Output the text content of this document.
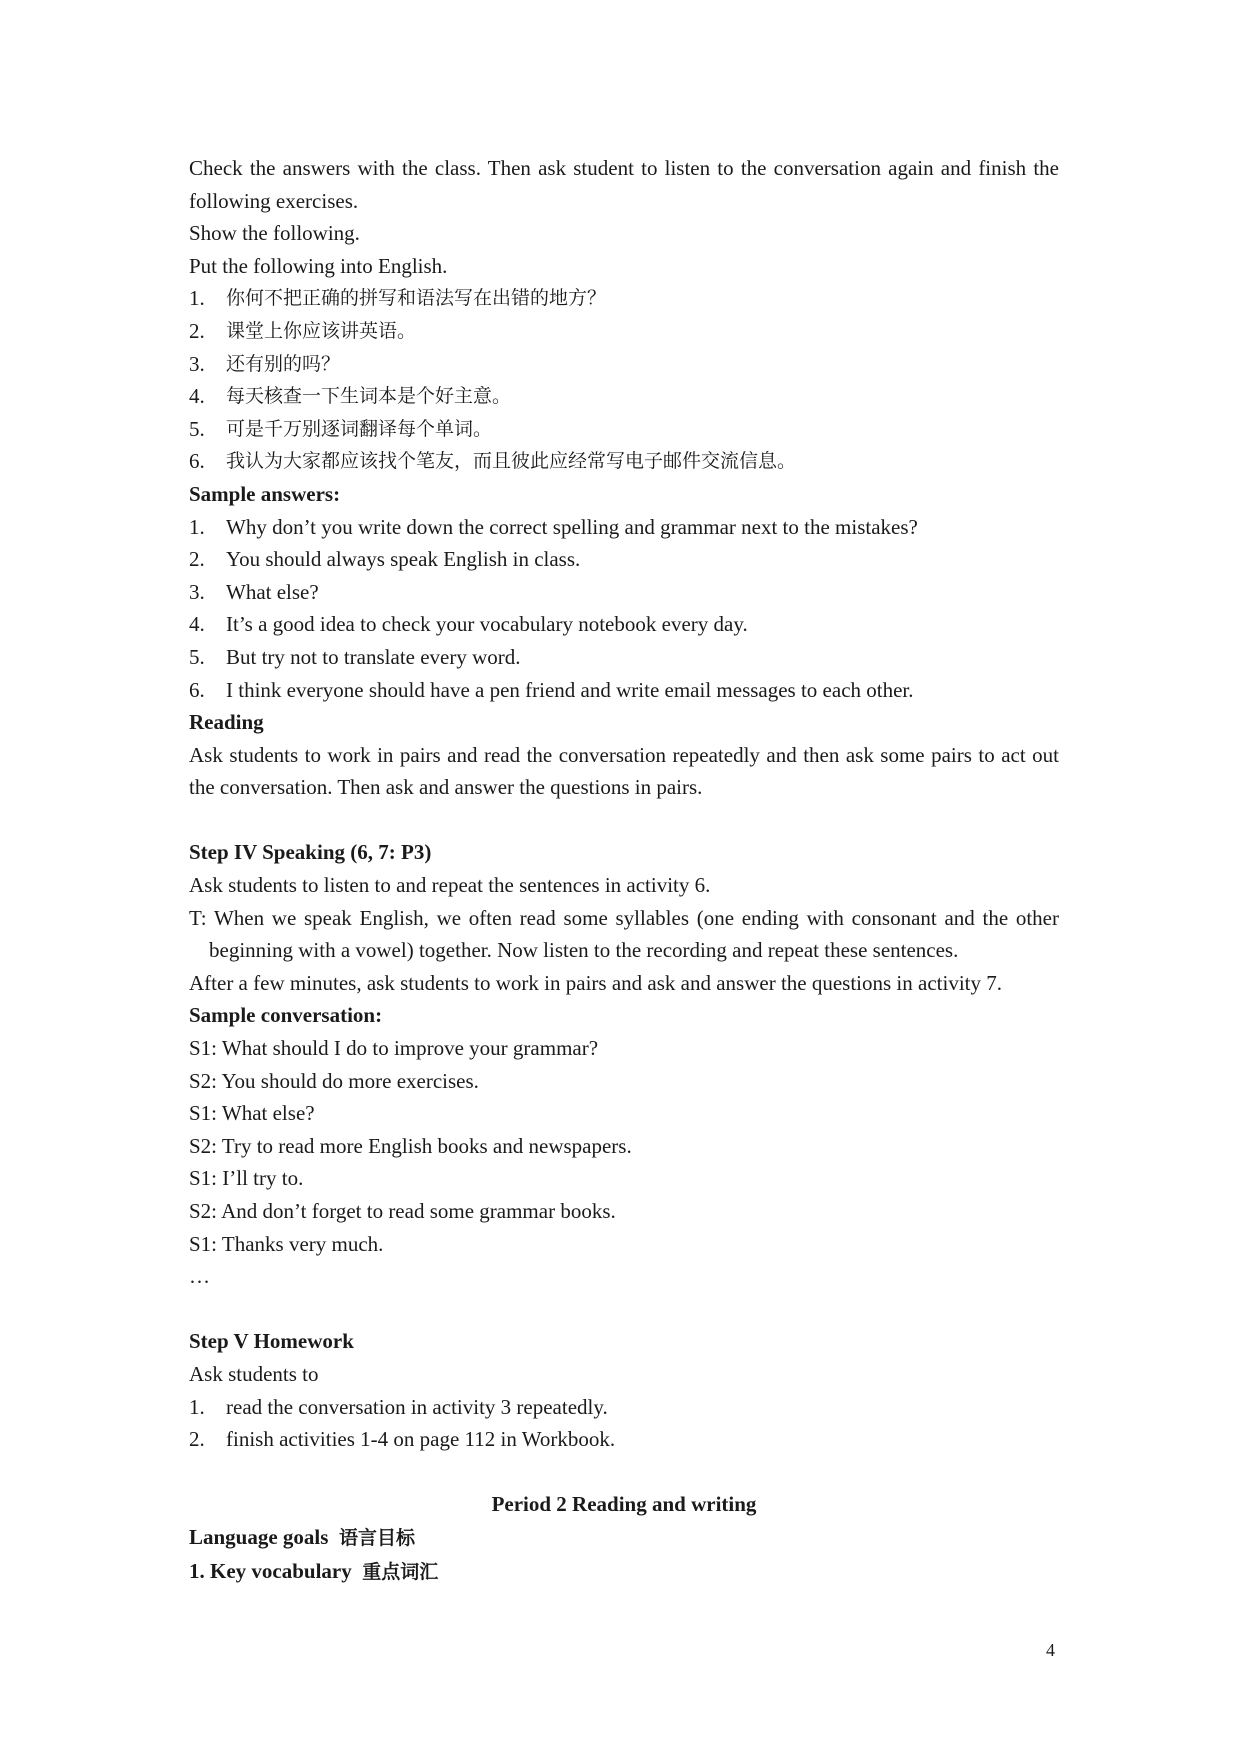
Check the answers with the class. Then ask student to listen to the conversation again and finish the following exercises.
Show the following.
Put the following into English.
1.	你何不把正确的拼写和语法写在出错的地方？
2.	课堂上你应该讲英语。
3.	还有别的吗？
4.	每天核查一下生词本是个好主意。
5.	可是千万别逐词翻译每个单词。
6.	我认为大家都应该找个笔友，而且彼此应经常写电子邮件交流信息。
Sample answers:
1.	Why don’t you write down the correct spelling and grammar next to the mistakes?
2.	You should always speak English in class.
3.	What else?
4.	It’s a good idea to check your vocabulary notebook every day.
5.	But try not to translate every word.
6.	I think everyone should have a pen friend and write email messages to each other.
Reading
Ask students to work in pairs and read the conversation repeatedly and then ask some pairs to act out the conversation. Then ask and answer the questions in pairs.
Step IV Speaking (6, 7: P3)
Ask students to listen to and repeat the sentences in activity 6.
T: When we speak English, we often read some syllables (one ending with consonant and the other beginning with a vowel) together. Now listen to the recording and repeat these sentences.
After a few minutes, ask students to work in pairs and ask and answer the questions in activity 7.
Sample conversation:
S1: What should I do to improve your grammar?
S2: You should do more exercises.
S1: What else?
S2: Try to read more English books and newspapers.
S1: I’ll try to.
S2: And don’t forget to read some grammar books.
S1: Thanks very much.
…
Step V Homework
Ask students to
1.	read the conversation in activity 3 repeatedly.
2.	finish activities 1-4 on page 112 in Workbook.
Period 2 Reading and writing
Language goals 语言目标
1. Key vocabulary 重点词汇
4
